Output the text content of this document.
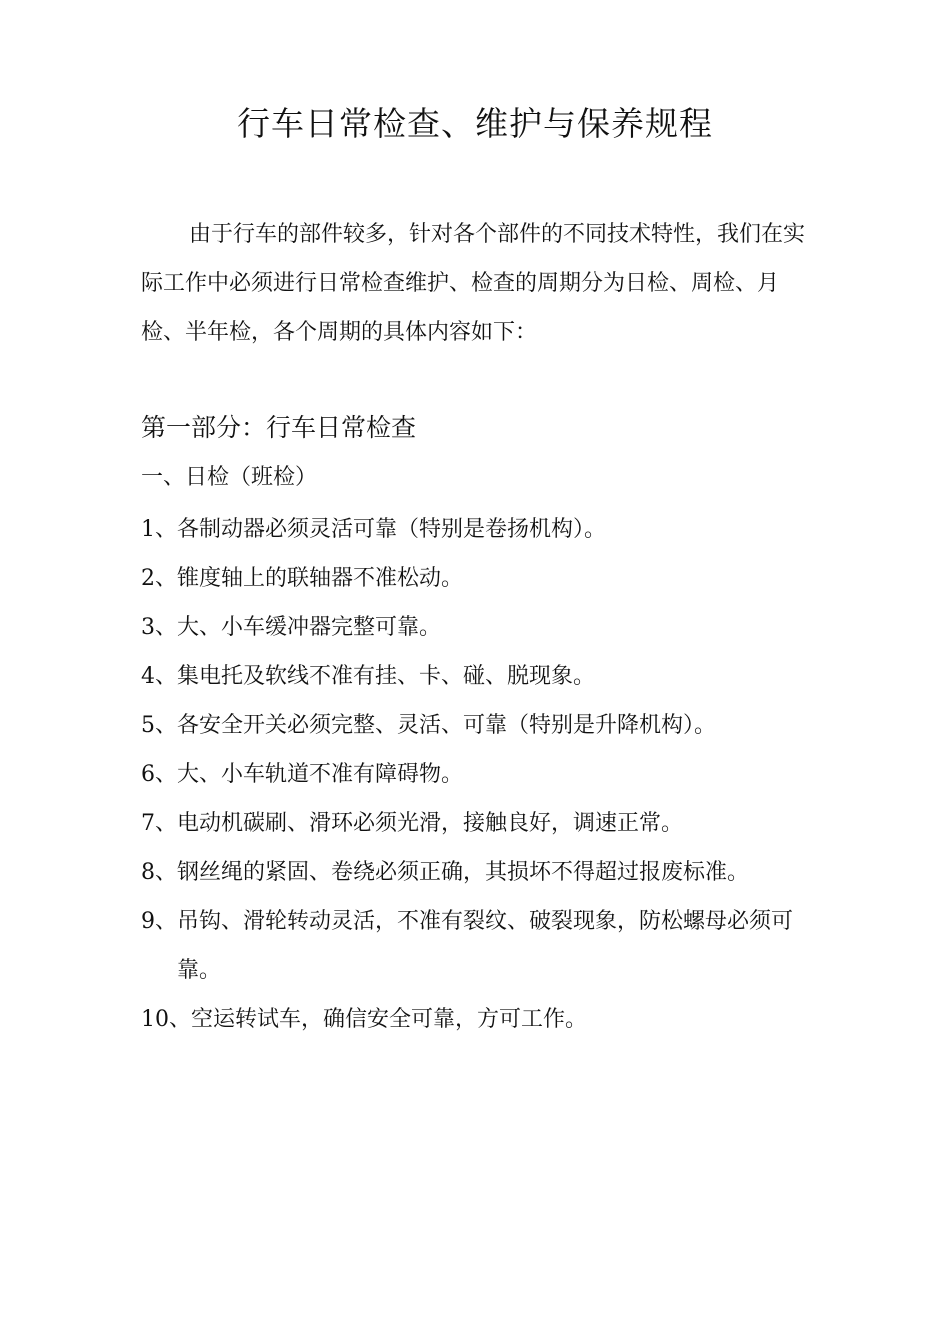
行车日常检查、维护与保养规程

由于行车的部件较多，针对各个部件的不同技术特性，我们在实际工作中必须进行日常检查维护、检查的周期分为日检、周检、月检、半年检，各个周期的具体内容如下：

第一部分：行车日常检查
一、日检（班检）
1、 各制动器必须灵活可靠（特别是卷扬机构）。
2、 锥度轴上的联轴器不准松动。
3、 大、小车缓冲器完整可靠。
4、 集电托及软线不准有挂、卡、碰、脱现象。
5、 各安全开关必须完整、灵活、可靠（特别是升降机构）。
6、 大、小车轨道不准有障碍物。
7、 电动机碳刷、滑环必须光滑，接触良好，调速正常。
8、 钢丝绳的紧固、卷绕必须正确，其损坏不得超过报废标准。
9、 吊钩、滑轮转动灵活，不准有裂纹、破裂现象，防松螺母必须可靠。
10、 空运转试车，确信安全可靠，方可工作。
